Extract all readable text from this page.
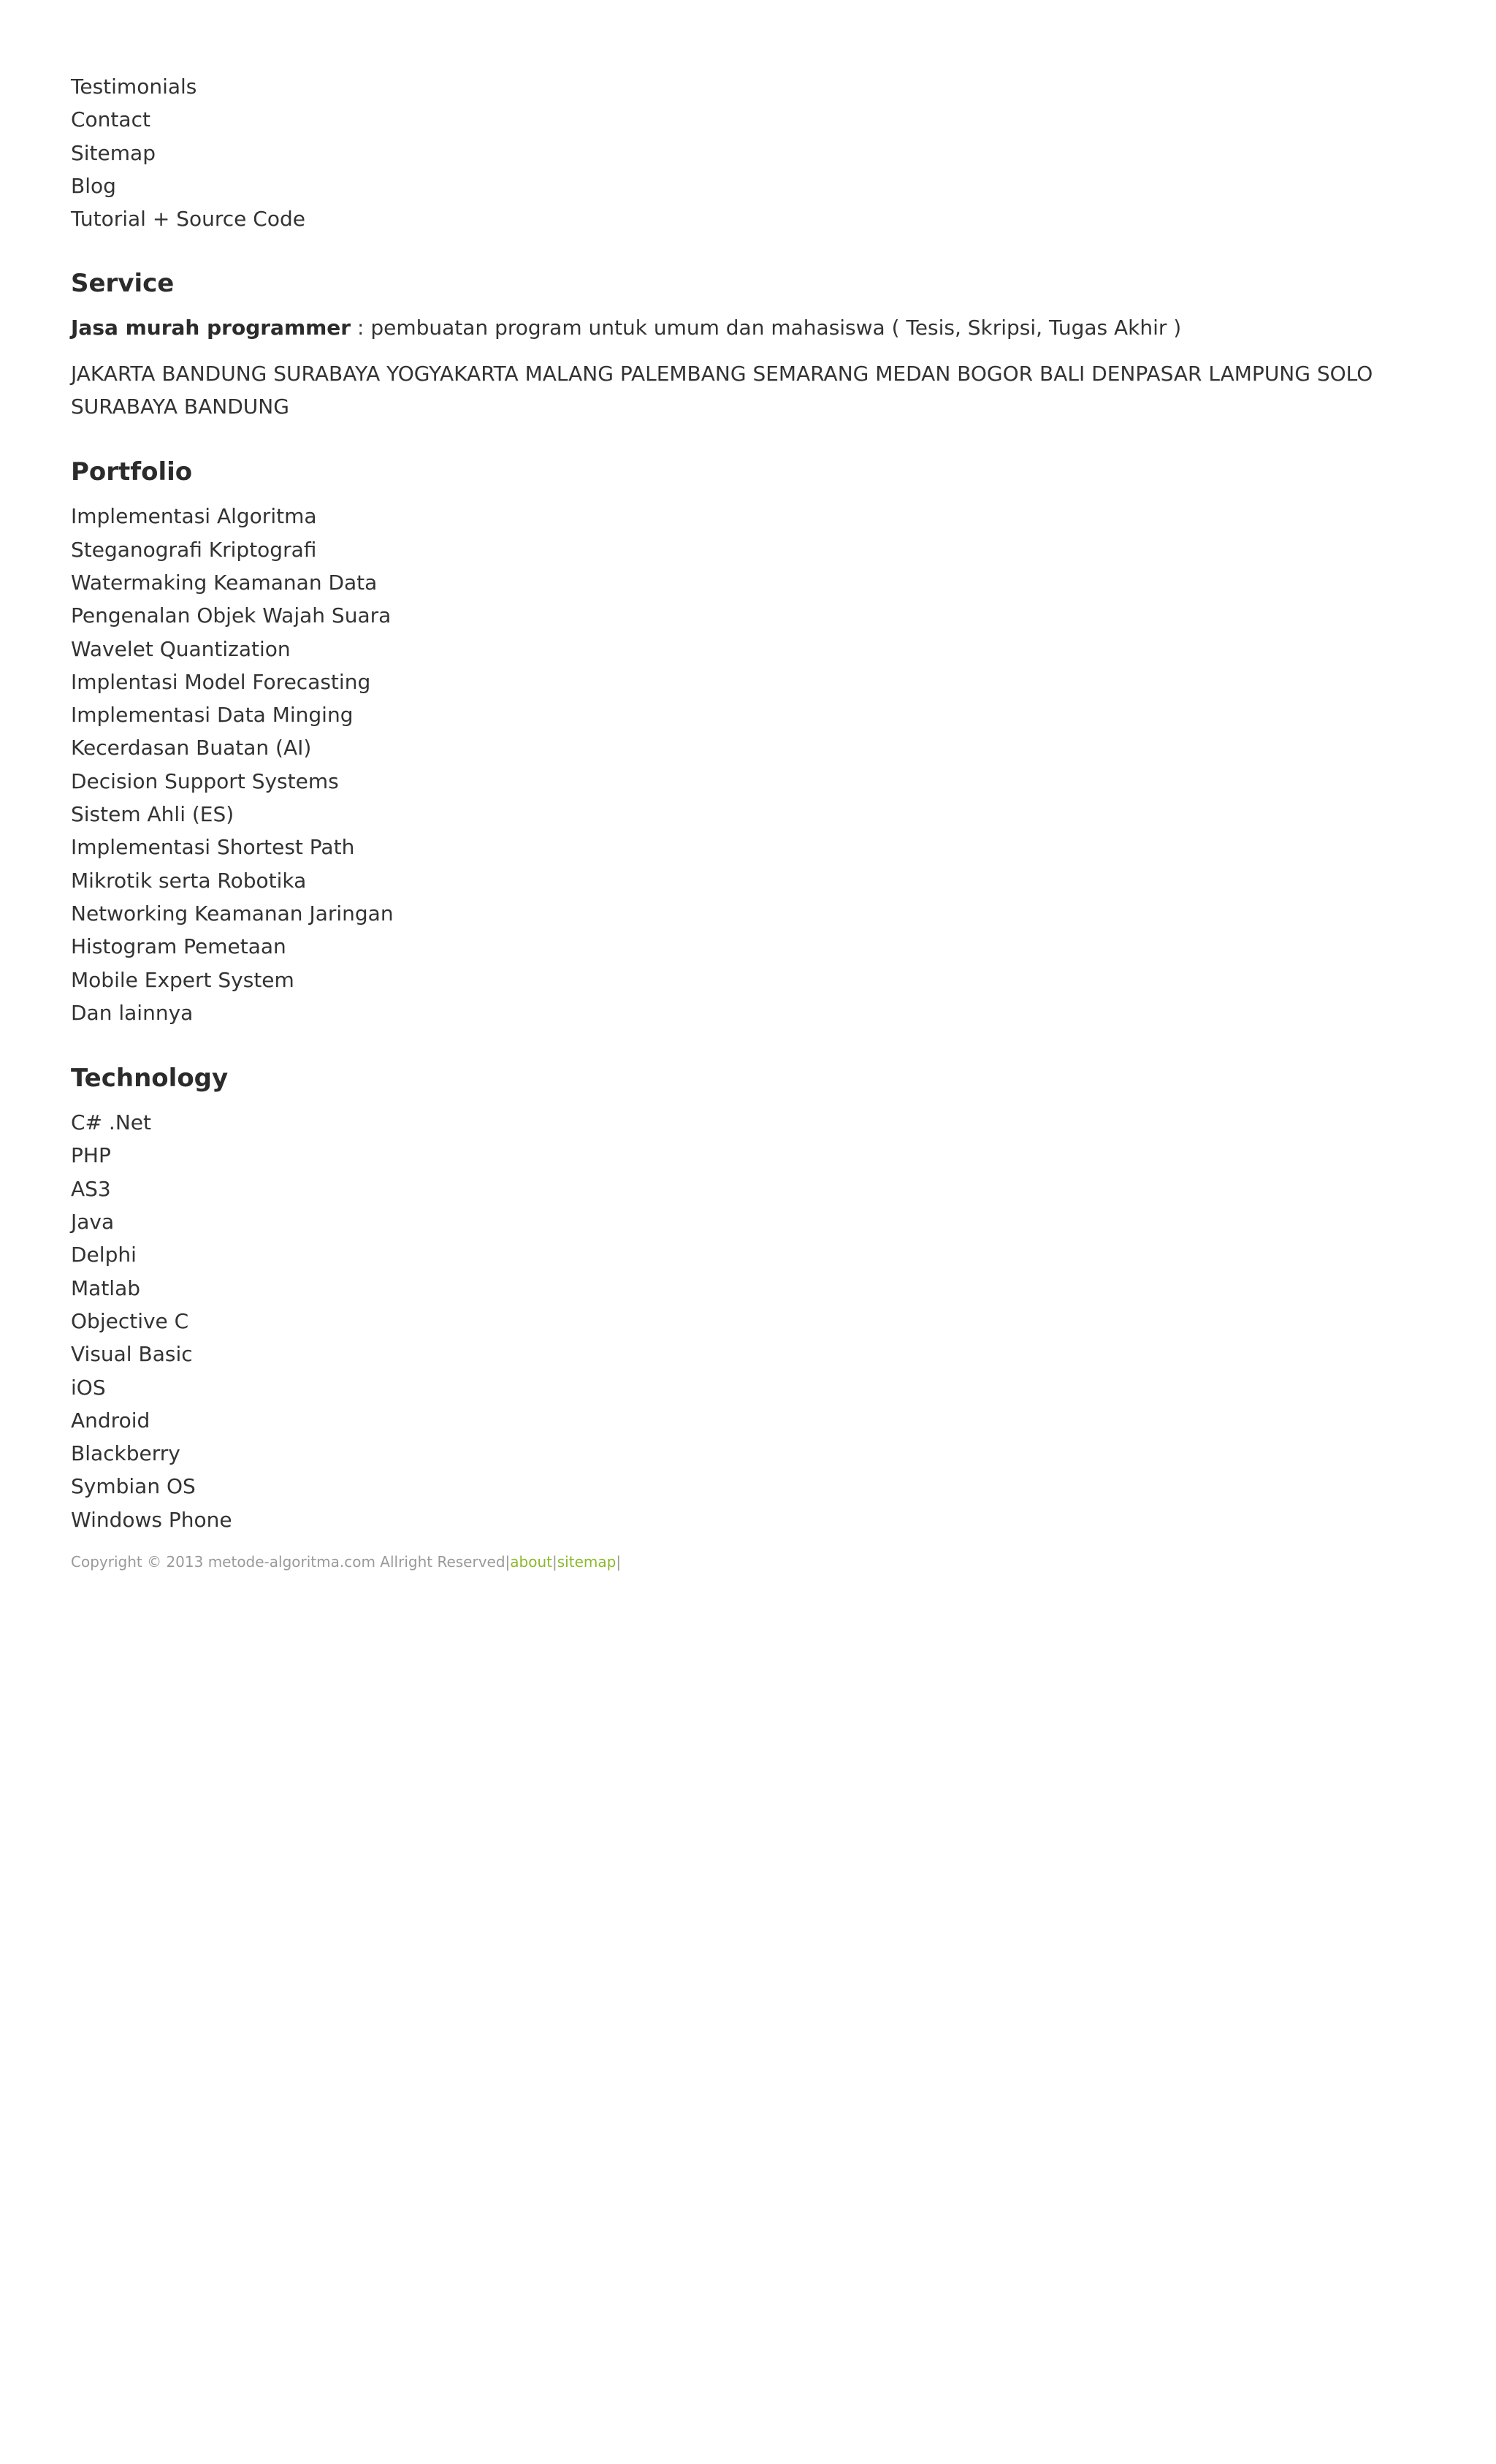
Testimonials
Contact
Sitemap
Blog
Tutorial + Source Code
Service

Jasa murah programmer : pembuatan program untuk umum dan mahasiswa ( Tesis, Skripsi, Tugas Akhir )

JAKARTA BANDUNG SURABAYA YOGYAKARTA MALANG PALEMBANG SEMARANG MEDAN BOGOR BALI DENPASAR LAMPUNG SOLO SURABAYA BANDUNG

Portfolio
Implementasi Algoritma
Steganografi Kriptografi
Watermaking Keamanan Data
Pengenalan Objek Wajah Suara
Wavelet Quantization
Implentasi Model Forecasting
Implementasi Data Minging
Kecerdasan Buatan (AI)
Decision Support Systems
Sistem Ahli (ES)
Implementasi Shortest Path
Mikrotik serta Robotika
Networking Keamanan Jaringan
Histogram Pemetaan
Mobile Expert System
Dan lainnya
Technology
C# .Net
PHP
AS3
Java
Delphi
Matlab
Objective C
Visual Basic
iOS
Android
Blackberry
Symbian OS
Windows Phone
Copyright © 2013 metode-algoritma.com Allright Reserved|about|sitemap|
